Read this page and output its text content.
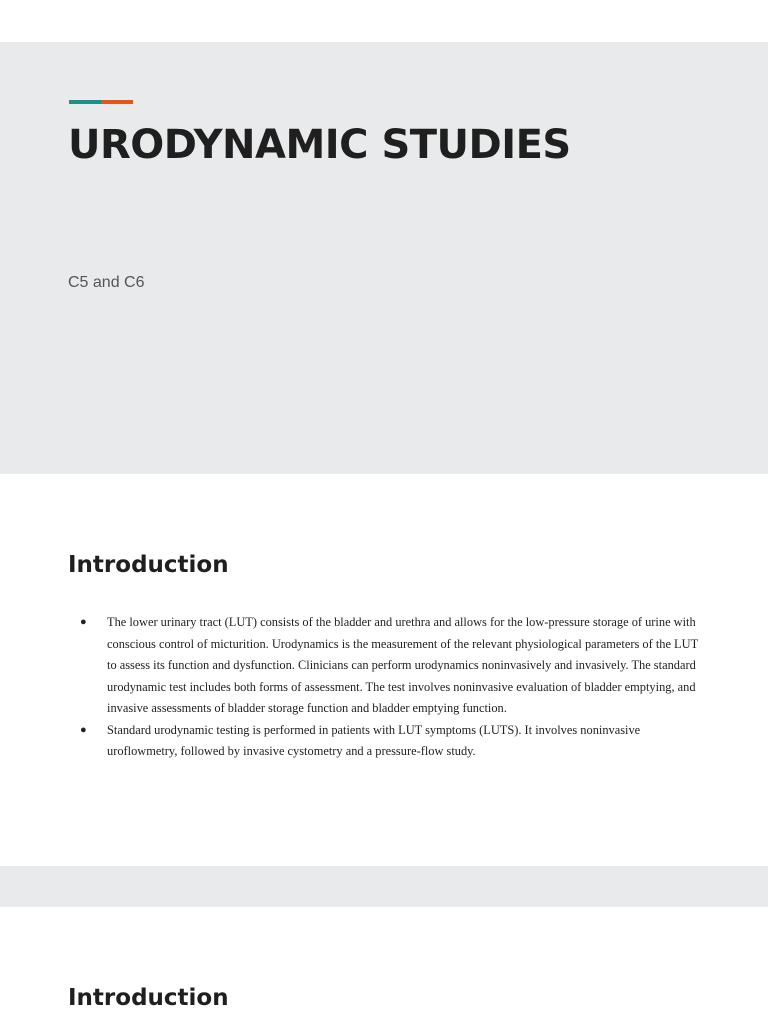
URODYNAMIC STUDIES
C5 and C6
Introduction
● The lower urinary tract (LUT) consists of the bladder and urethra and allows for the low-pressure storage of urine with conscious control of micturition. Urodynamics is the measurement of the relevant physiological parameters of the LUT to assess its function and dysfunction. Clinicians can perform urodynamics noninvasively and invasively. The standard urodynamic test includes both forms of assessment. The test involves noninvasive evaluation of bladder emptying, and invasive assessments of bladder storage function and bladder emptying function.
● Standard urodynamic testing is performed in patients with LUT symptoms (LUTS). It involves noninvasive uroflowmetry, followed by invasive cystometry and a pressure-flow study.
Introduction
